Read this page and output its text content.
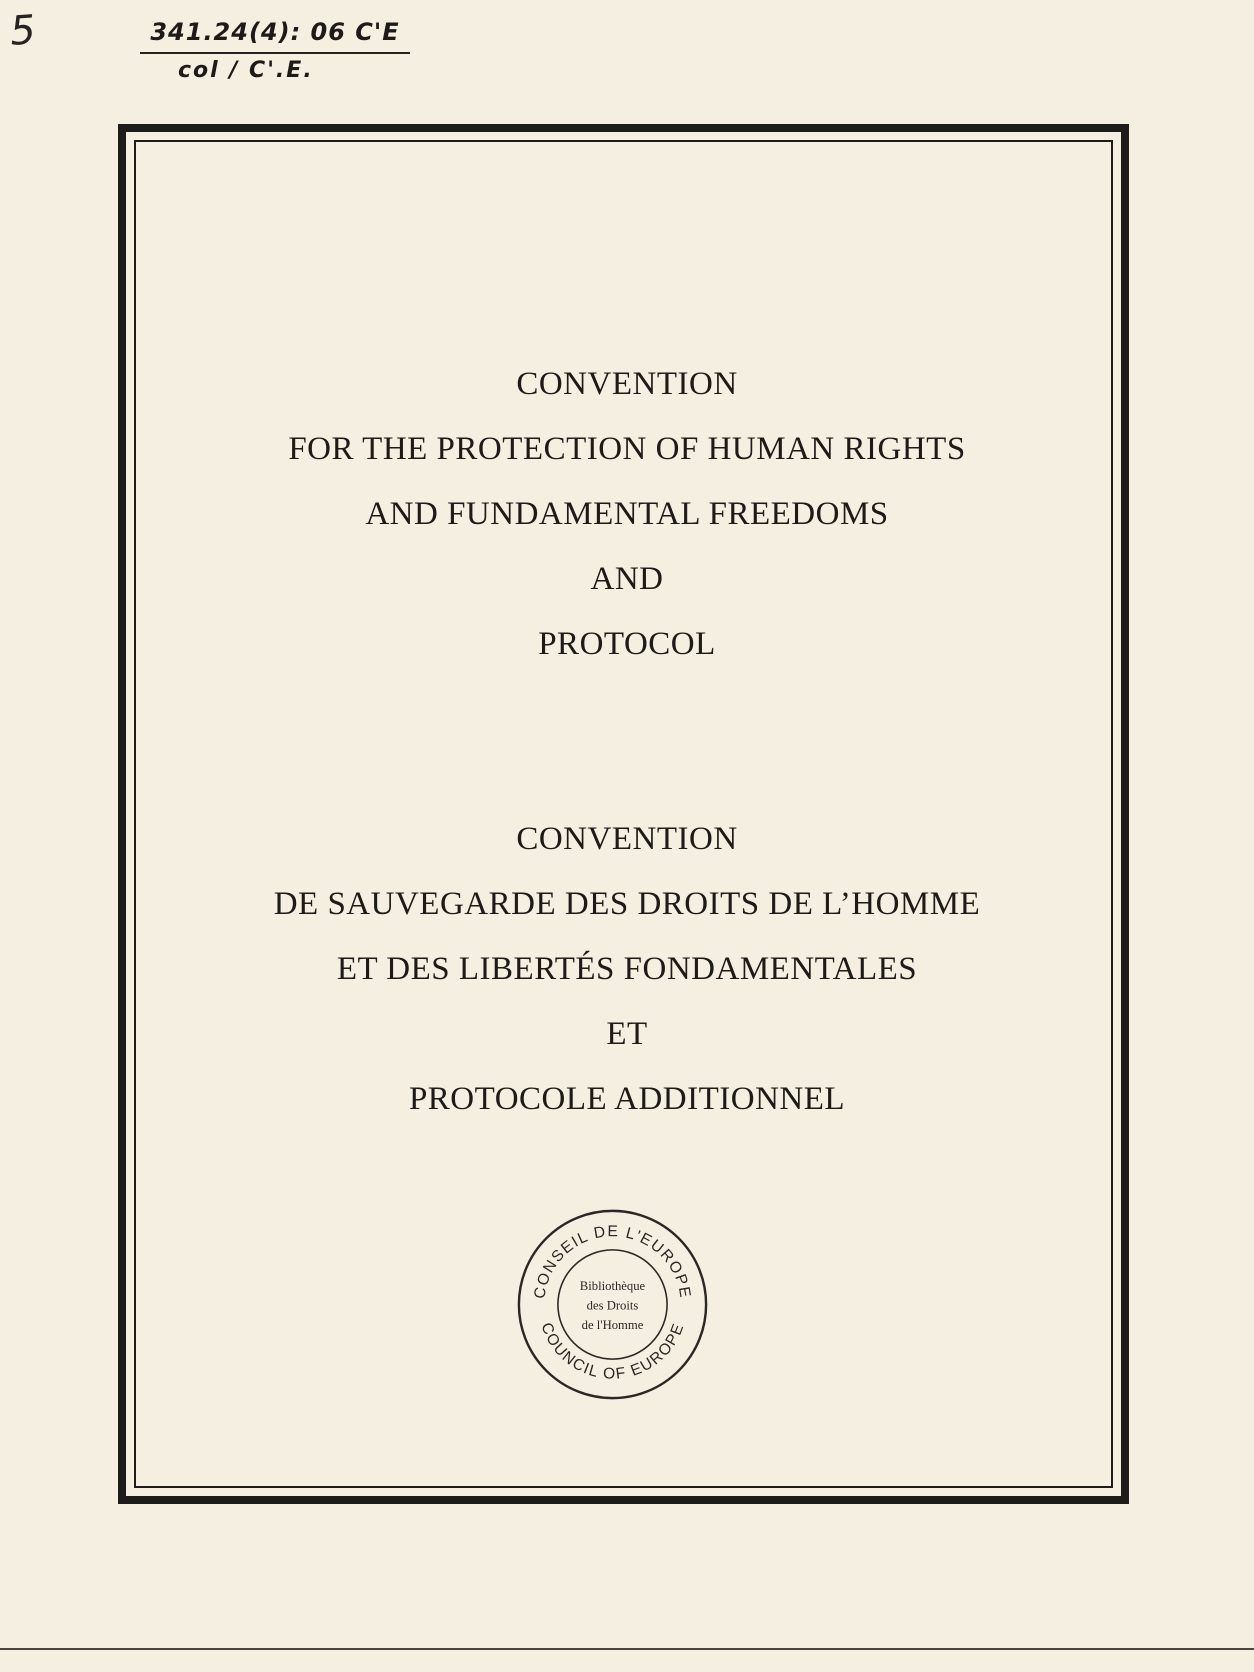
5	341.24(4): 06 C'E
col / C'.E.
CONVENTION
FOR THE PROTECTION OF HUMAN RIGHTS
AND FUNDAMENTAL FREEDOMS
AND
PROTOCOL
CONVENTION
DE SAUVEGARDE DES DROITS DE L’HOMME
ET DES LIBERTÉS FONDAMENTALES
ET
PROTOCOLE ADDITIONNEL
CONSEIL DE L'EUROPE
COUNCIL OF EUROPE
Bibliothèque
des Droits
de l'Homme
